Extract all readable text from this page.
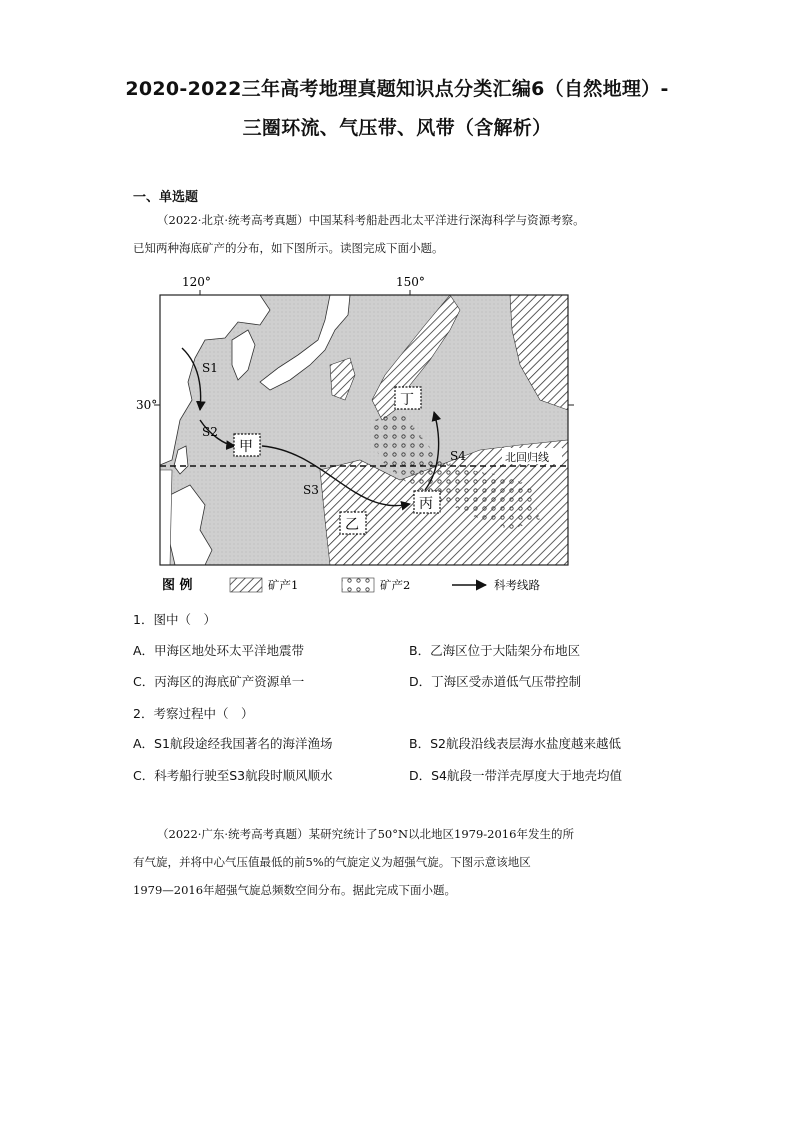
2020-2022三年高考地理真题知识点分类汇编6（自然地理）-
三圈环流、气压带、风带（含解析）
一、单选题
（2022·北京·统考高考真题）中国某科考船赴西北太平洋进行深海科学与资源考察。
已知两种海底矿产的分布，如下图所示。读图完成下面小题。
120°	150°
30°
北回归线
S1
S2
S3
S4
甲
乙
丙
丁
图 例	矿产1	矿产2	科考线路
1．图中（　）
A．甲海区地处环太平洋地震带	B．乙海区位于大陆架分布地区
C．丙海区的海底矿产资源单一	D．丁海区受赤道低气压带控制
2．考察过程中（　）
A．S1航段途经我国著名的海洋渔场	B．S2航段沿线表层海水盐度越来越低
C．科考船行驶至S3航段时顺风顺水	D．S4航段一带洋壳厚度大于地壳均值
（2022·广东·统考高考真题）某研究统计了50°N以北地区1979-2016年发生的所
有气旋，并将中心气压值最低的前5%的气旋定义为超强气旋。下图示意该地区
1979—2016年超强气旋总频数空间分布。据此完成下面小题。
